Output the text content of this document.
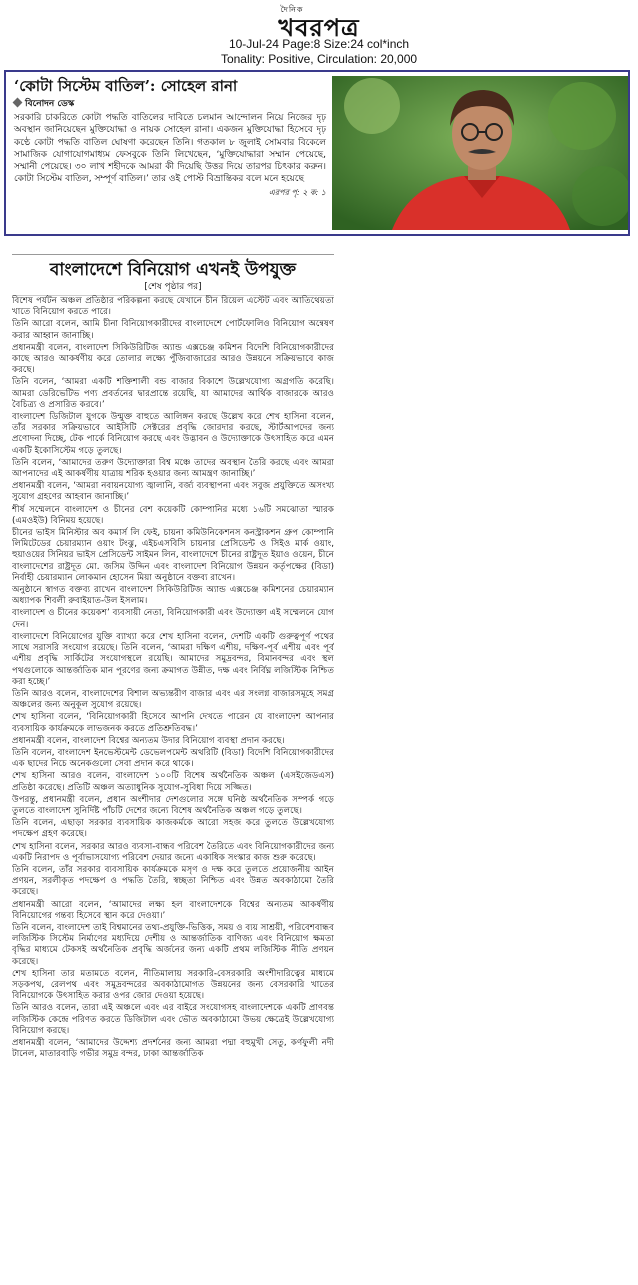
দৈনিক
খবরপত্র
10-Jul-24 Page:8 Size:24 col*inch
Tonality: Positive, Circulation: 20,000
‘কোটা সিস্টেম বাতিল’: সোহেল রানা
বিনোদন ডেস্ক

সরকারি চাকরিতে কোটা পদ্ধতি বাতিলের দাবিতে চলমান আন্দোলন নিয়ে নিজের দৃঢ় অবস্থান জানিয়েছেন মুক্তিযোদ্ধা ও নায়ক সোহেল রানা। একজন মুক্তিযোদ্ধা হিসেবে দৃঢ় কণ্ঠে কোটা পদ্ধতি বাতিল ঘোষণা করেছেন তিনি। গতকাল ৮ জুলাই সোমবার বিকেলে সামাজিক যোগাযোগমাধ্যম ফেসবুকে তিনি লিখেছেন, ‘মুক্তিযোদ্ধারা সম্মান পেয়েছে, সম্মানী পেয়েছে। ৩০ লাখ শহীদকে আমরা কী দিয়েছি উত্তর দিয়ে তারপর চিৎকার করুন। কোটা সিস্টেম বাতিল, সম্পূর্ণ বাতিল।’ তার ওই পোস্ট বিভ্রান্তিকর বলে মনে হয়েছে

এরপর পৃ: ২ ক: ১
বাংলাদেশে বিনিয়োগ এখনই উপযুক্ত
[শেষ পৃষ্ঠার পর]

বিশেষ পর্যটন অঞ্চল প্রতিষ্ঠার পরিকল্পনা করছে যেখানে চীন রিয়েল এস্টেট এবং আতিথেয়তা খাতে বিনিয়োগ করতে পারে।

তিনি আরো বলেন, আমি চীনা বিনিয়োগকারীদের বাংলাদেশে পোর্টফোলিও বিনিয়োগ অন্বেষণ করার আহ্বান জানাচ্ছি।

প্রধানমন্ত্রী বলেন, বাংলাদেশ সিকিউরিটিজ অ্যান্ড এক্সচেঞ্জ কমিশন বিদেশি বিনিয়োগকারীদের কাছে আরও আকর্ষণীয় করে তোলার লক্ষ্যে পুঁজিবাজারের আরও উন্নয়নে সক্রিয়ভাবে কাজ করছে।

তিনি বলেন, ‘আমরা একটি শক্তিশালী বন্ড বাজার বিকাশে উল্লেখযোগ্য অগ্রগতি করেছি। আমরা ডেরিভেটিভ পণ্য প্রবর্তনের দ্বারপ্রান্তে রয়েছি, যা আমাদের আর্থিক বাজারকে আরও বৈচিত্র্য ও প্রসারিত করবে।’

বাংলাদেশ ডিজিটাল যুগকে উন্মুক্ত বাহুতে আলিঙ্গন করছে উল্লেখ করে শেখ হাসিনা বলেন, তাঁর সরকার সক্রিয়ভাবে আইসিটি সেক্টরের প্রবৃদ্ধি জোরদার করছে, স্টার্টআপদের জন্য প্রণোদনা দিচ্ছে, টেক পার্কে বিনিয়োগ করছে এবং উদ্ভাবন ও উদ্যোক্তাকে উৎসাহিত করে এমন একটি ইকোসিস্টেম গড়ে তুলছে।

তিনি বলেন, ‘আমাদের তরুণ উদ্যোক্তারা বিশ্ব মঞ্চে তাদের অবস্থান তৈরি করছে এবং আমরা আপনাদের এই আকর্ষণীয় যাত্রায় শরিক হওয়ার জন্য আমন্ত্রণ জানাচ্ছি।’

প্রধানমন্ত্রী বলেন, ‘আমরা নবায়নযোগ্য জ্বালানি, বর্জ্য ব্যবস্থাপনা এবং সবুজ প্রযুক্তিতে অসংখ্য সুযোগ গ্রহণের আহবান জানাচ্ছি।’

শীর্ষ সম্মেলনে বাংলাদেশ ও চীনের বেশ কয়েকটি কোম্পানির মধ্যে ১৬টি সমঝোতা স্মারক (এমওইউ) বিনিময় হয়েছে।

চীনের ভাইস মিনিস্টার অব কমার্স লি ফেই, চায়না কমিউনিকেশনস কনস্ট্রাকশন গ্রুপ কোম্পানি লিমিটেডের চেয়ারম্যান ওয়াং টংঝু, এইচএসবিসি চায়নার প্রেসিডেন্ট ও সিইও মার্ক ওয়াং, হুয়াওয়ের সিনিয়র ভাইস প্রেসিডেন্ট সাইমন লিন, বাংলাদেশে চীনের রাষ্ট্রদূত ইয়াও ওয়েন, চীনে বাংলাদেশের রাষ্ট্রদূত মো. জসিম উদ্দিন এবং বাংলাদেশ বিনিয়োগ উন্নয়ন কর্তৃপক্ষের (বিডা) নির্বাহী চেয়ারম্যান লোকমান হোসেন মিয়া অনুষ্ঠানে বক্তব্য রাখেন।

অনুষ্ঠানে স্বাগত বক্তব্য রাখেন বাংলাদেশ সিকিউরিটিজ অ্যান্ড এক্সচেঞ্জ কমিশনের চেয়ারম্যান অধ্যাপক শিবলী রুবাইয়াত-উল ইসলাম।

বাংলাদেশ ও চীনের কয়েকশ’ ব্যবসায়ী নেতা, বিনিয়োগকারী এবং উদ্যোক্তা এই সম্মেলনে যোগ দেন।

বাংলাদেশে বিনিয়োগের যুক্তি ব্যাখ্যা করে শেখ হাসিনা বলেন, দেশটি একটি গুরুত্বপূর্ণ পথের সাথে সরাসরি সংযোগ রয়েছে। তিনি বলেন, ‘আমরা দক্ষিণ এশীয়, দক্ষিণ-পূর্ব এশীয় এবং পূর্ব এশীয় প্রবৃদ্ধি সার্কিটের সংযোগস্থলে রয়েছি। আমাদের সমুদ্রবন্দর, বিমানবন্দর এবং স্থল পথগুলোকে আন্তর্জাতিক মান পূরণের জন্য ক্রমাগত উন্নীত, দক্ষ এবং নির্বিঘ্ন লজিস্টিক নিশ্চিত করা হচ্ছে।’

তিনি আরও বলেন, বাংলাদেশের বিশাল অভ্যন্তরীণ বাজার এবং এর সংলগ্ন বাজারসমূহে সমগ্র অঞ্চলের জন্য অনুকূল সুযোগ রয়েছে।

শেখ হাসিনা বলেন, ‘বিনিয়োগকারী হিসেবে আপনি দেখতে পারেন যে বাংলাদেশ আপনার ব্যবসায়িক কার্যক্রমকে লাভজনক করতে প্রতিশ্রুতিবদ্ধ।’

প্রধানমন্ত্রী বলেন, বাংলাদেশ বিশ্বের অন্যতম উদার বিনিয়োগ ব্যবস্থা প্রদান করছে।

তিনি বলেন, বাংলাদেশ ইনভেস্টমেন্ট ডেভেলপমেন্ট অথরিটি (বিডা) বিদেশি বিনিয়োগকারীদের এক ছাদের নিচে অনেকগুলো সেবা প্রদান করে থাকে।

শেখ হাসিনা আরও বলেন, বাংলাদেশ ১০০টি বিশেষ অর্থনৈতিক অঞ্চল (এসইজেডএস) প্রতিষ্ঠা করেছে। প্রতিটি অঞ্চল অত্যাধুনিক সুযোগ-সুবিধা দিয়ে সজ্জিত।

উপরন্তু, প্রধানমন্ত্রী বলেন, প্রধান অংশীদার দেশগুলোর সঙ্গে ঘনিষ্ঠ অর্থনৈতিক সম্পর্ক গড়ে তুলতে বাংলাদেশ সুনির্দিষ্ট পাঁচটি দেশের জন্যে বিশেষ অর্থনৈতিক অঞ্চল গড়ে তুলছে।

তিনি বলেন, এছাড়া সরকার ব্যবসায়িক কাজকর্মকে আরো সহজ করে তুলতে উল্লেখযোগ্য পদক্ষেপ গ্রহণ করেছে।

শেখ হাসিনা বলেন, সরকার আরও ব্যবসা-বান্ধব পরিবেশ তৈরিতে এবং বিনিয়োগকারীদের জন্য একটি নিরাপদ ও পূর্বাভাসযোগ্য পরিবেশ দেয়ার জন্যে একাধিক সংস্কার কাজ শুরু করেছে।

তিনি বলেন, তাঁর সরকার ব্যবসায়িক কার্যক্রমকে মসৃণ ও দক্ষ করে তুলতে প্রয়োজনীয় আইন প্রণয়ন, সরলীকৃত পদক্ষেপ ও পদ্ধতি তৈরি, স্বচ্ছতা নিশ্চিত এবং উন্নত অবকাঠামো তৈরি করেছে।

প্রধানমন্ত্রী আরো বলেন, ‘আমাদের লক্ষ্য হল বাংলাদেশকে বিশ্বের অন্যতম আকর্ষণীয় বিনিয়োগের গন্তব্য হিসেবে স্থান করে দেওয়া।’

তিনি বলেন, বাংলাদেশ তাই বিশ্বমানের তথ্য-প্রযুক্তি-ভিত্তিক, সময় ও ব্যয় সাশ্রয়ী, পরিবেশবান্ধব লজিস্টিক সিস্টেম নির্মাণের মধ্যদিয়ে দেশীয় ও আন্তর্জাতিক বাণিজ্য এবং বিনিয়োগ ক্ষমতা বৃদ্ধির মাধ্যমে টেকসই অর্থনৈতিক প্রবৃদ্ধি অর্জনের জন্য একটি প্রথম লজিস্টিক নীতি প্রণয়ন করেছে।

শেখ হাসিনা তার মতামতে বলেন, নীতিমালায় সরকারি-বেসরকারি অংশীদারিত্বের মাধ্যমে সড়কপথ, রেলপথ এবং সমুদ্রবন্দরের অবকাঠামোগত উন্নয়নের জন্য বেসরকারি খাতের বিনিয়োগকে উৎসাহিত করার ওপর জোর দেওয়া হয়েছে।

তিনি আরও বলেন, তারা এই অঞ্চলে এবং এর বাইরে সংযোগসহ বাংলাদেশকে একটি প্রাণবন্ত লজিস্টিক কেন্দ্রে পরিণত করতে ডিজিটাল এবং ভৌত অবকাঠামো উভয় ক্ষেত্রেই উল্লেখযোগ্য বিনিয়োগ করছে।

প্রধানমন্ত্রী বলেন, ‘আমাদের উদ্দেশ্য প্রদর্শনের জন্য আমরা পদ্মা বহুমুখী সেতু, কর্ণফুলী নদী টানেল, মাতারবাড়ি গভীর সমুদ্র বন্দর, ঢাকা আন্তর্জাতিক
